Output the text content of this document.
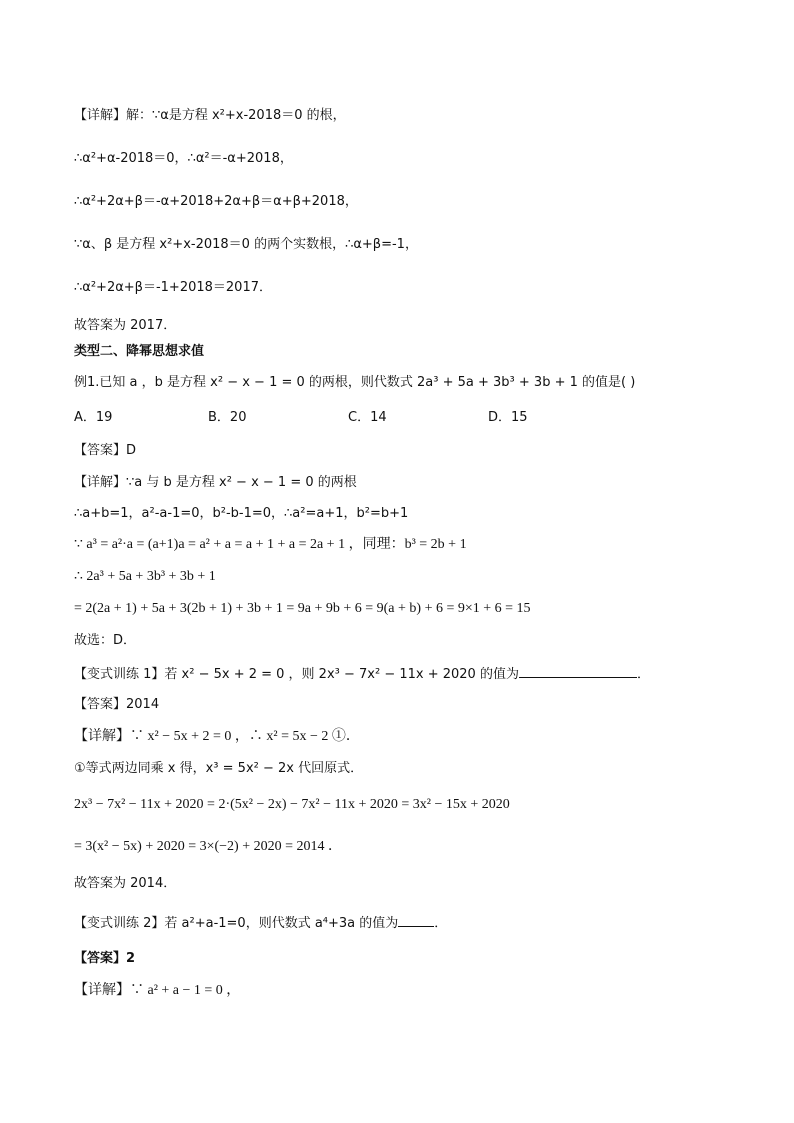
【详解】解：∵α是方程 x²+x-2018＝0 的根，
∴α²+α-2018＝0，∴α²＝-α+2018，
∴α²+2α+β＝-α+2018+2α+β＝α+β+2018，
∵α、β 是方程 x²+x-2018＝0 的两个实数根，∴α+β=-1，
∴α²+2α+β＝-1+2018＝2017．
故答案为 2017．
类型二、降幂思想求值
例1.已知 a ，b 是方程 x² − x − 1 = 0 的两根，则代数式 2a³ + 5a + 3b³ + 3b + 1 的值是( )
A．19	B．20	C．14	D．15
【答案】D
【详解】∵a 与 b 是方程 x² − x − 1 = 0 的两根
∴a+b=1，a²-a-1=0，b²-b-1=0，∴a²=a+1，b²=b+1
∵ a³ = a²·a = (a+1)a = a² + a = a + 1 + a = 2a + 1 ，同理：b³ = 2b + 1
∴ 2a³ + 5a + 3b³ + 3b + 1
= 2(2a + 1) + 5a + 3(2b + 1) + 3b + 1 = 9a + 9b + 6 = 9(a + b) + 6 = 9×1 + 6 = 15
故选：D．
【变式训练 1】若 x² − 5x + 2 = 0 ，则 2x³ − 7x² − 11x + 2020 的值为	．
【答案】2014
【详解】∵ x² − 5x + 2 = 0 ，∴ x² = 5x − 2 ①．
①等式两边同乘 x 得，x³ = 5x² − 2x 代回原式．
2x³ − 7x² − 11x + 2020 = 2·(5x² − 2x) − 7x² − 11x + 2020 = 3x² − 15x + 2020
= 3(x² − 5x) + 2020 = 3×(−2) + 2020 = 2014 ．
故答案为 2014．
【变式训练 2】若 a²+a-1=0，则代数式 a⁴+3a 的值为	．
【答案】2
【详解】∵ a² + a − 1 = 0 ，
